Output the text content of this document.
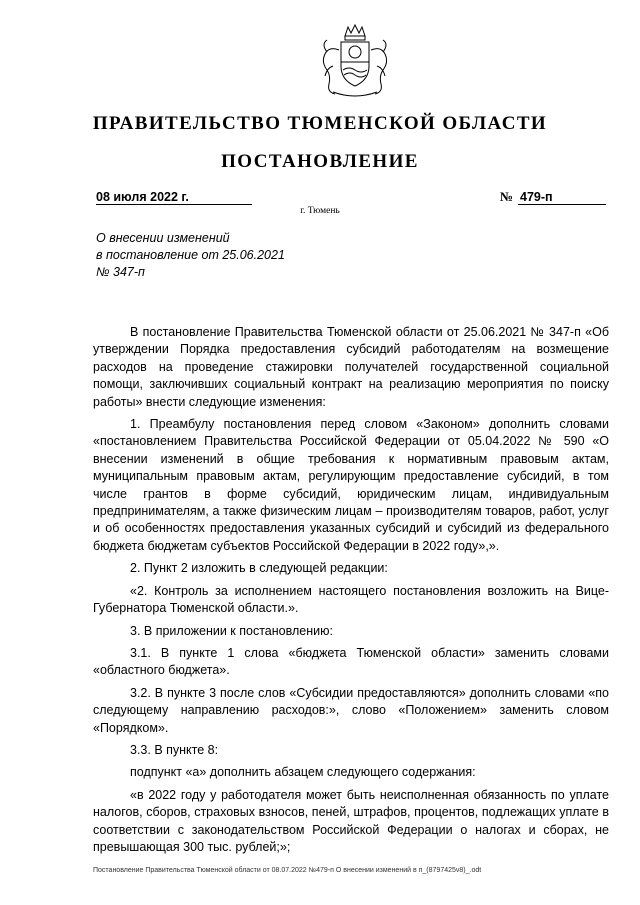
ПРАВИТЕЛЬСТВО ТЮМЕНСКОЙ ОБЛАСТИ
ПОСТАНОВЛЕНИЕ
08 июля 2022 г.	№ 479-п
г. Тюмень
О внесении изменений
в постановление от 25.06.2021
№ 347-п

В постановление Правительства Тюменской области от 25.06.2021 № 347-п «Об утверждении Порядка предоставления субсидий работодателям на возмещение расходов на проведение стажировки получателей государственной социальной помощи, заключивших социальный контракт на реализацию мероприятия по поиску работы» внести следующие изменения:

1. Преамбулу постановления перед словом «Законом» дополнить словами «постановлением Правительства Российской Федерации от 05.04.2022 № 590 «О внесении изменений в общие требования к нормативным правовым актам, муниципальным правовым актам, регулирующим предоставление субсидий, в том числе грантов в форме субсидий, юридическим лицам, индивидуальным предпринимателям, а также физическим лицам – производителям товаров, работ, услуг и об особенностях предоставления указанных субсидий и субсидий из федерального бюджета бюджетам субъектов Российской Федерации в 2022 году»,».

2. Пункт 2 изложить в следующей редакции:

«2. Контроль за исполнением настоящего постановления возложить на Вице-Губернатора Тюменской области.».

3. В приложении к постановлению:

3.1. В пункте 1 слова «бюджета Тюменской области» заменить словами «областного бюджета».

3.2. В пункте 3 после слов «Субсидии предоставляются» дополнить словами «по следующему направлению расходов:», слово «Положением» заменить словом «Порядком».

3.3. В пункте 8:

подпункт «а» дополнить абзацем следующего содержания:

«в 2022 году у работодателя может быть неисполненная обязанность по уплате налогов, сборов, страховых взносов, пеней, штрафов, процентов, подлежащих уплате в соответствии с законодательством Российской Федерации о налогах и сборах, не превышающая 300 тыс. рублей;»;

Постановление Правительства Тюменской области от 08.07.2022 №479-п О внесении изменений в п_(8797425v8)_.odt
